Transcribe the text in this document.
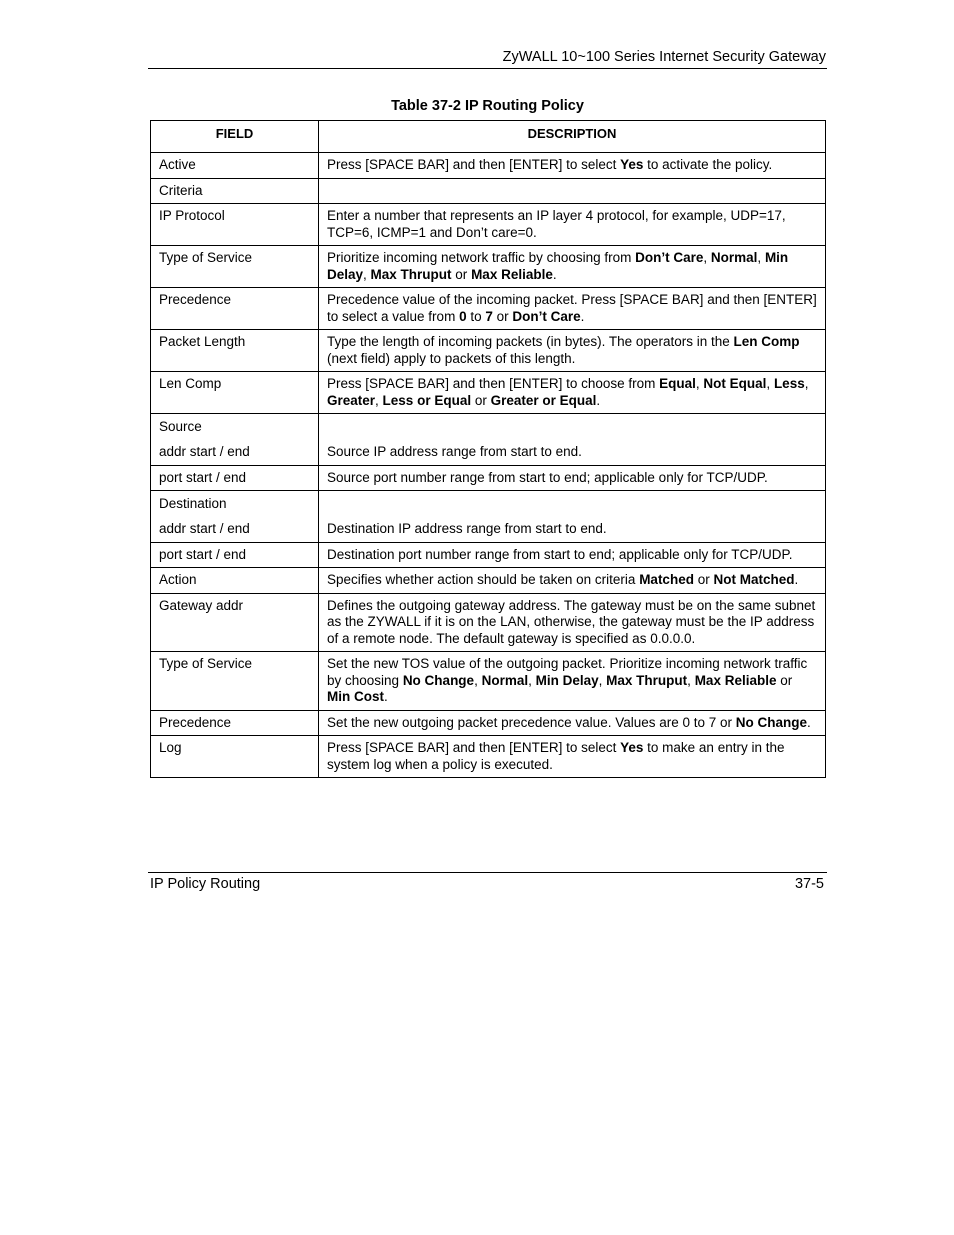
ZyWALL 10~100 Series Internet Security Gateway
Table 37-2 IP Routing Policy
FIELD	DESCRIPTION

Active	Press [SPACE BAR] and then [ENTER] to select Yes to activate the policy.

Criteria	

IP Protocol	Enter a number that represents an IP layer 4 protocol, for example, UDP=17, TCP=6, ICMP=1 and Don’t care=0.

Type of Service	Prioritize incoming network traffic by choosing from Don’t Care, Normal, Min Delay, Max Thruput or Max Reliable.

Precedence	Precedence value of the incoming packet. Press [SPACE BAR] and then [ENTER] to select a value from 0 to 7 or Don’t Care.

Packet Length	Type the length of incoming packets (in bytes). The operators in the Len Comp (next field) apply to packets of this length.

Len Comp	Press [SPACE BAR] and then [ENTER] to choose from Equal, Not Equal, Less, Greater, Less or Equal or Greater or Equal.

Source
addr start / end	Source IP address range from start to end.

port start / end	Source port number range from start to end; applicable only for TCP/UDP.

Destination
addr start / end	Destination IP address range from start to end.

port start / end	Destination port number range from start to end; applicable only for TCP/UDP.

Action	Specifies whether action should be taken on criteria Matched or Not Matched.

Gateway addr	Defines the outgoing gateway address. The gateway must be on the same subnet as the ZYWALL if it is on the LAN, otherwise, the gateway must be the IP address of a remote node. The default gateway is specified as 0.0.0.0.

Type of Service	Set the new TOS value of the outgoing packet. Prioritize incoming network traffic by choosing No Change, Normal, Min Delay, Max Thruput, Max Reliable or Min Cost.

Precedence	Set the new outgoing packet precedence value. Values are 0 to 7 or No Change.

Log	Press [SPACE BAR] and then [ENTER] to select Yes to make an entry in the system log when a policy is executed.
IP Policy Routing	37-5
